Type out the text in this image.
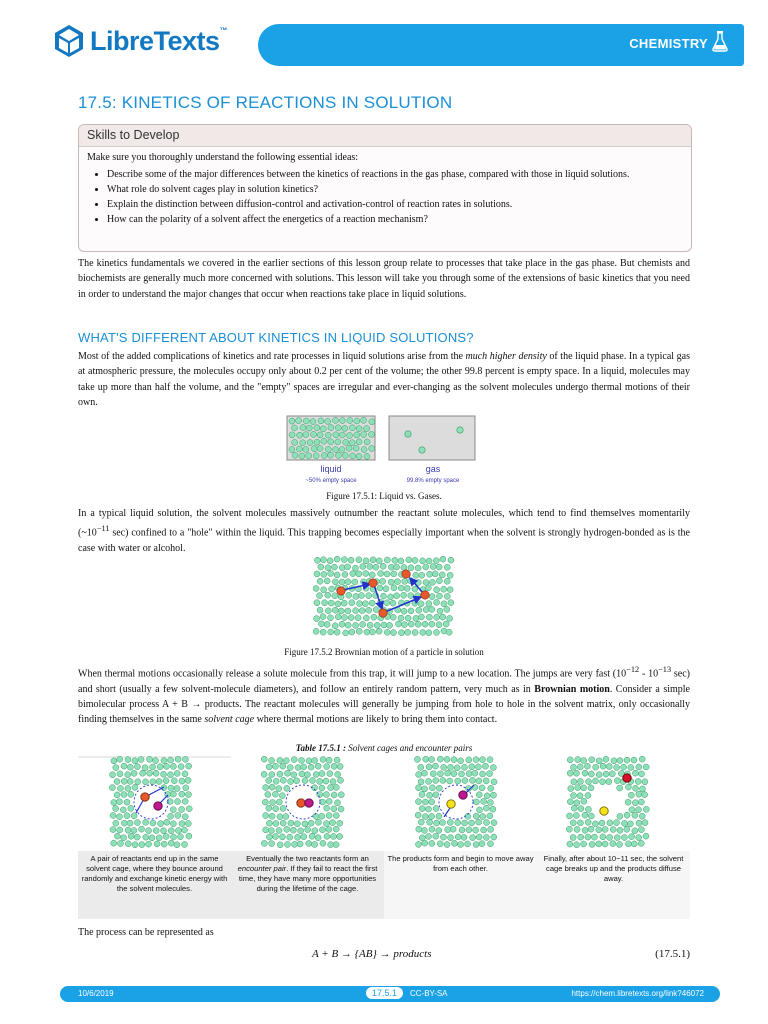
LibreTexts™
CHEMISTRY
17.5: KINETICS OF REACTIONS IN SOLUTION
Skills to Develop
Make sure you thoroughly understand the following essential ideas:
• Describe some of the major differences between the kinetics of reactions in the gas phase, compared with those in liquid solutions.
• What role do solvent cages play in solution kinetics?
• Explain the distinction between diffusion-control and activation-control of reaction rates in solutions.
• How can the polarity of a solvent affect the energetics of a reaction mechanism?

The kinetics fundamentals we covered in the earlier sections of this lesson group relate to processes that take place in the gas phase. But chemists and biochemists are generally much more concerned with solutions. This lesson will take you through some of the extensions of basic kinetics that you need in order to understand the major changes that occur when reactions take place in liquid solutions.

WHAT'S DIFFERENT ABOUT KINETICS IN LIQUID SOLUTIONS?

Most of the added complications of kinetics and rate processes in liquid solutions arise from the much higher density of the liquid phase. In a typical gas at atmospheric pressure, the molecules occupy only about 0.2 per cent of the volume; the other 99.8 percent is empty space. In a liquid, molecules may take up more than half the volume, and the "empty" spaces are irregular and ever-changing as the solvent molecules undergo thermal motions of their own.

liquid
~50% empty space
gas
99.8% empty space
Figure 17.5.1: Liquid vs. Gases.

In a typical liquid solution, the solvent molecules massively outnumber the reactant solute molecules, which tend to find themselves momentarily ($\sim 10^{-11}$ sec) confined to a "hole" within the liquid. This trapping becomes especially important when the solvent is strongly hydrogen-bonded as is the case with water or alcohol.

Figure 17.5.2 Brownian motion of a particle in solution

When thermal motions occasionally release a solute molecule from this trap, it will jump to a new location. The jumps are very fast ($10^{-12} - 10^{-13}$ sec) and short (usually a few solvent-molecule diameters), and follow an entirely random pattern, very much as in Brownian motion. Consider a simple bimolecular process A + B → products. The reactant molecules will generally be jumping from hole to hole in the solvent matrix, only occasionally finding themselves in the same solvent cage where thermal motions are likely to bring them into contact.

Table 17.5.1 : Solvent cages and encounter pairs
A pair of reactants end up in the same solvent cage, where they bounce around randomly and exchange kinetic energy with the solvent molecules.
Eventually the two reactants form an encounter pair. If they fail to react the first time, they have many more opportunities during the lifetime of the cage.
The products form and begin to move away from each other.
Finally, after about 10−11 sec, the solvent cage breaks up and the products diffuse away.
The process can be represented as
A + B → {AB} → products	(17.5.1)
10/6/2019	17.5.1	CC-BY-SA	https://chem.libretexts.org/link?46072
